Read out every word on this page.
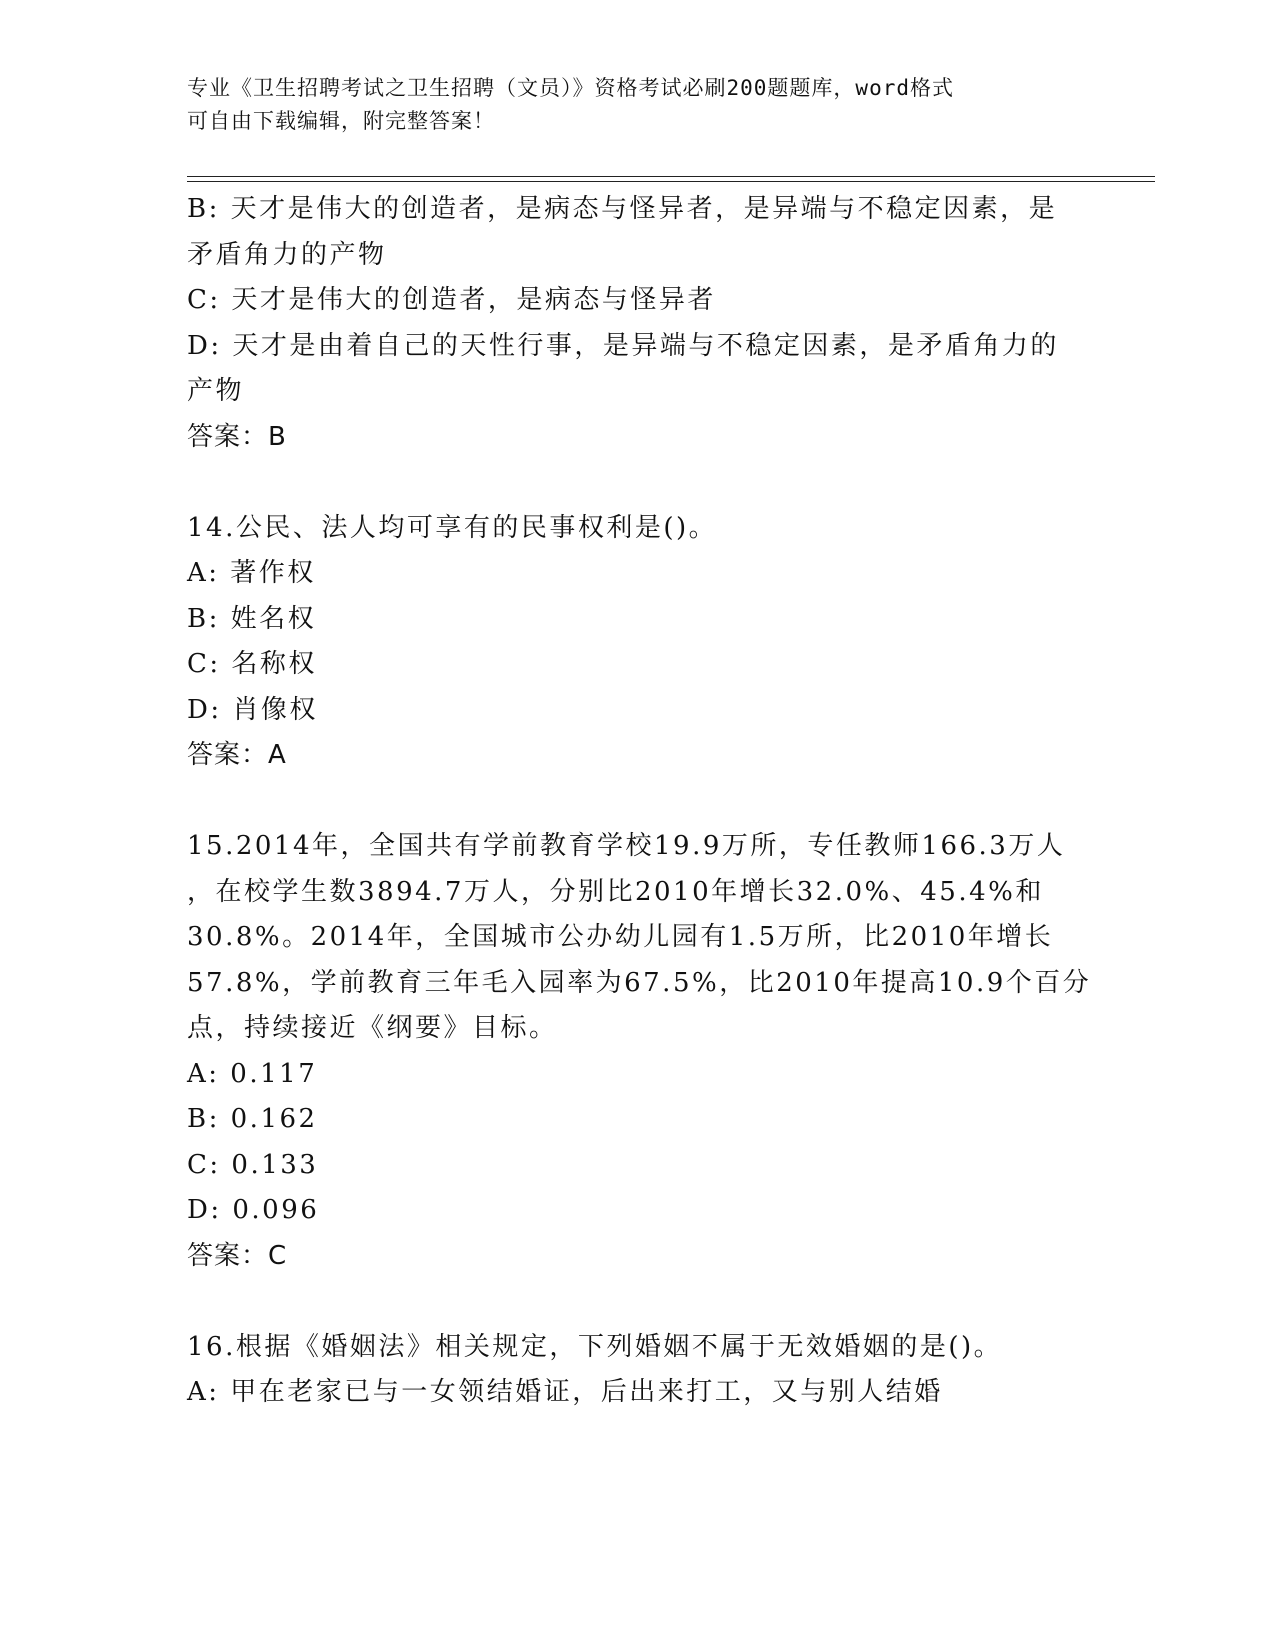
专业《卫生招聘考试之卫生招聘（文员）》资格考试必刷200题题库，word格式
可自由下载编辑，附完整答案！
B: 天才是伟大的创造者，是病态与怪异者，是异端与不稳定因素，是
矛盾角力的产物
C: 天才是伟大的创造者，是病态与怪异者
D: 天才是由着自己的天性行事，是异端与不稳定因素，是矛盾角力的
产物
答案：B
14.公民、法人均可享有的民事权利是()。
A: 著作权
B: 姓名权
C: 名称权
D: 肖像权
答案：A
15.2014年，全国共有学前教育学校19.9万所，专任教师166.3万人
，在校学生数3894.7万人，分别比2010年增长32.0%、45.4%和
30.8%。2014年，全国城市公办幼儿园有1.5万所，比2010年增长
57.8%，学前教育三年毛入园率为67.5%，比2010年提高10.9个百分
点，持续接近《纲要》目标。
A: 0.117
B: 0.162
C: 0.133
D: 0.096
答案：C
16.根据《婚姻法》相关规定，下列婚姻不属于无效婚姻的是()。
A: 甲在老家已与一女领结婚证，后出来打工，又与别人结婚
